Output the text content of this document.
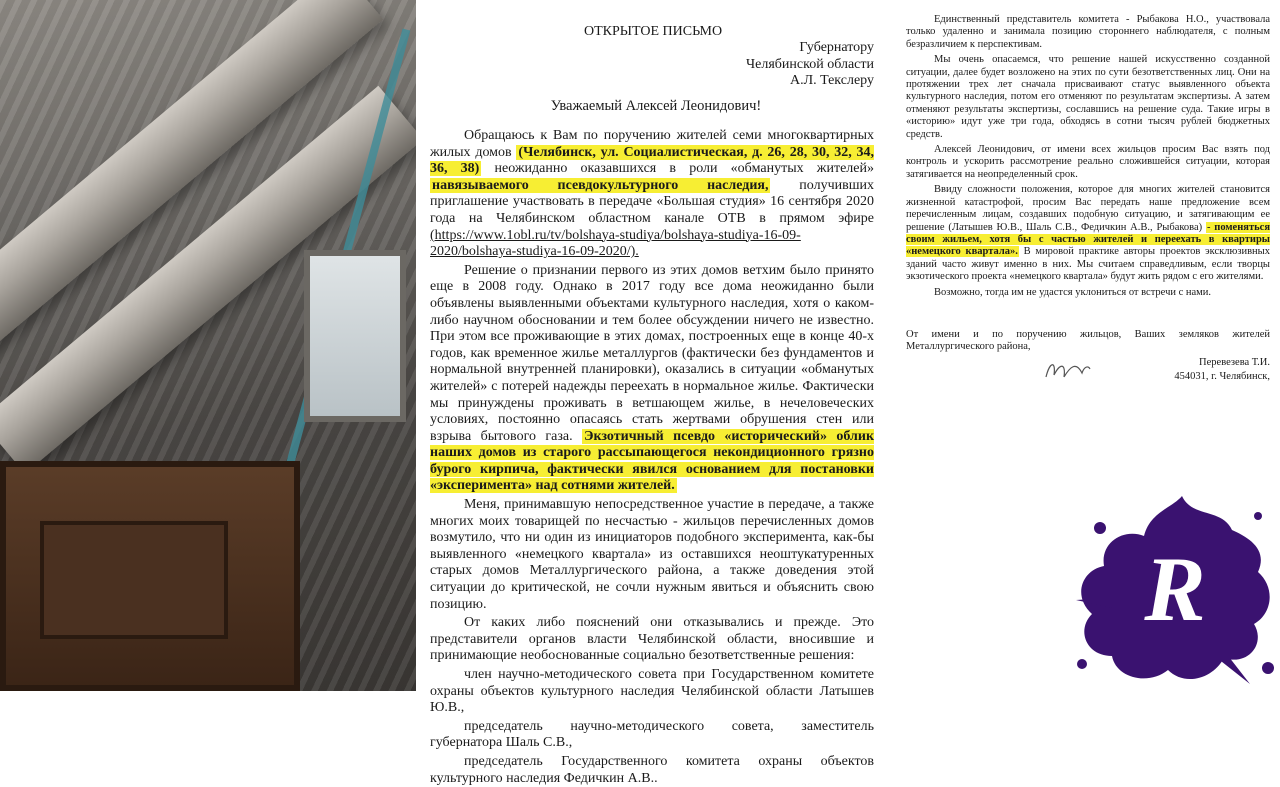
ОТКРЫТОЕ ПИСЬМО
Губернатору
Челябинской области
А.Л. Текслеру
Уважаемый Алексей Леонидович!

Обращаюсь к Вам по поручению жителей семи многоквартирных жилых домов (Челябинск, ул. Социалистическая, д. 26, 28, 30, 32, 34, 36, 38) неожиданно оказавшихся в роли «обманутых жителей» навязываемого псевдокультурного наследия, получивших приглашение участвовать в передаче «Большая студия» 16 сентября 2020 года на Челябинском областном канале ОТВ в прямом эфире (https://www.1obl.ru/tv/bolshaya-studiya/bolshaya-studiya-16-09-2020/bolshaya-studiya-16-09-2020/).

Решение о признании первого из этих домов ветхим было принято еще в 2008 году. Однако в 2017 году все дома неожиданно были объявлены выявленными объектами культурного наследия, хотя о каком-либо научном обосновании и тем более обсуждении ничего не известно. При этом все проживающие в этих домах, построенных еще в конце 40-х годов, как временное жилье металлургов (фактически без фундаментов и нормальной внутренней планировки), оказались в ситуации «обманутых жителей» с потерей надежды переехать в нормальное жилье. Фактически мы принуждены проживать в ветшающем жилье, в нечеловеческих условиях, постоянно опасаясь стать жертвами обрушения стен или взрыва бытового газа. Экзотичный псевдо «исторический» облик наших домов из старого рассыпающегося некондиционного грязно бурого кирпича, фактически явился основанием для постановки «эксперимента» над сотнями жителей.

Меня, принимавшую непосредственное участие в передаче, а также многих моих товарищей по несчастью - жильцов перечисленных домов возмутило, что ни один из инициаторов подобного эксперимента, как-бы выявленного «немецкого квартала» из оставшихся неоштукатуренных старых домов Металлургического района, а также доведения этой ситуации до критической, не сочли нужным явиться и объяснить свою позицию.

От каких либо пояснений они отказывались и прежде. Это представители органов власти Челябинской области, вносившие и принимающие необоснованные социально безответственные решения:

член научно-методического совета при Государственном комитете охраны объектов культурного наследия Челябинской области Латышев Ю.В.,

председатель научно-методического совета, заместитель губернатора Шаль С.В.,

председатель Государственного комитета охраны объектов культурного наследия Федичкин А.В..

Единственный представитель комитета - Рыбакова Н.О., участвовала только удаленно и занимала позицию стороннего наблюдателя, с полным безразличием к перспективам.

Мы очень опасаемся, что решение нашей искусственно созданной ситуации, далее будет возложено на этих по сути безответственных лиц. Они на протяжении трех лет сначала присваивают статус выявленного объекта культурного наследия, потом его отменяют по результатам экспертизы. А затем отменяют результаты экспертизы, сославшись на решение суда. Такие игры в «историю» идут уже три года, обходясь в сотни тысяч рублей бюджетных средств.

Алексей Леонидович, от имени всех жильцов просим Вас взять под контроль и ускорить рассмотрение реально сложившейся ситуации, которая затягивается на неопределенный срок.

Ввиду сложности положения, которое для многих жителей становится жизненной катастрофой, просим Вас передать наше предложение всем перечисленным лицам, создавших подобную ситуацию, и затягивающим ее решение (Латышев Ю.В., Шаль С.В., Федичкин А.В., Рыбакова) - поменяться своим жильем, хотя бы с частью жителей и переехать в квартиры «немецкого квартала». В мировой практике авторы проектов эксклюзивных зданий часто живут именно в них. Мы считаем справедливым, если творцы экзотического проекта «немецкого квартала» будут жить рядом с его жителями.

Возможно, тогда им не удастся уклониться от встречи с нами.

От имени и по поручению жильцов, Ваших земляков жителей Металлургического района,

Перевезева Т.И.
454031, г. Челябинск,
R
